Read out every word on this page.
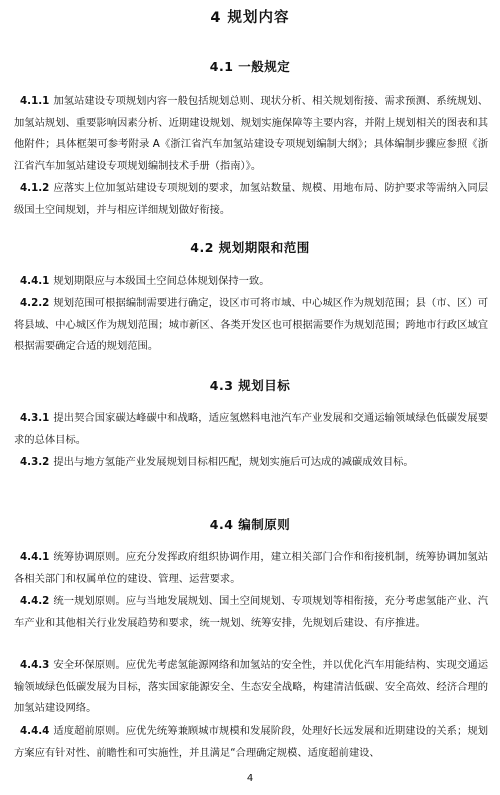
4 规划内容
4.1 一般规定
4.1.1 加氢站建设专项规划内容一般包括规划总则、现状分析、相关规划衔接、需求预测、系统规划、加氢站规划、重要影响因素分析、近期建设规划、规划实施保障等主要内容，并附上规划相关的图表和其他附件；具体框架可参考附录 A《浙江省汽车加氢站建设专项规划编制大纲》；具体编制步骤应参照《浙江省汽车加氢站建设专项规划编制技术手册（指南）》。
4.1.2 应落实上位加氢站建设专项规划的要求，加氢站数量、规模、用地布局、防护要求等需纳入同层级国土空间规划，并与相应详细规划做好衔接。
4.2 规划期限和范围
4.4.1 规划期限应与本级国土空间总体规划保持一致。
4.2.2 规划范围可根据编制需要进行确定，设区市可将市域、中心城区作为规划范围；县（市、区）可将县域、中心城区作为规划范围；城市新区、各类开发区也可根据需要作为规划范围；跨地市行政区域宜根据需要确定合适的规划范围。
4.3 规划目标
4.3.1 提出契合国家碳达峰碳中和战略，适应氢燃料电池汽车产业发展和交通运输领域绿色低碳发展要求的总体目标。
4.3.2 提出与地方氢能产业发展规划目标相匹配，规划实施后可达成的减碳成效目标。
4.4 编制原则
4.4.1 统筹协调原则。应充分发挥政府组织协调作用，建立相关部门合作和衔接机制，统筹协调加氢站各相关部门和权属单位的建设、管理、运营要求。
4.4.2 统一规划原则。应与当地发展规划、国土空间规划、专项规划等相衔接，充分考虑氢能产业、汽车产业和其他相关行业发展趋势和要求，统一规划、统筹安排，先规划后建设、有序推进。
4.4.3 安全环保原则。应优先考虑氢能源网络和加氢站的安全性，并以优化汽车用能结构、实现交通运输领域绿色低碳发展为目标，落实国家能源安全、生态安全战略，构建清洁低碳、安全高效、经济合理的加氢站建设网络。
4.4.4 适度超前原则。应优先统筹兼顾城市规模和发展阶段，处理好长远发展和近期建设的关系；规划方案应有针对性、前瞻性和可实施性，并且满足“合理确定规模、适度超前建设、
4
